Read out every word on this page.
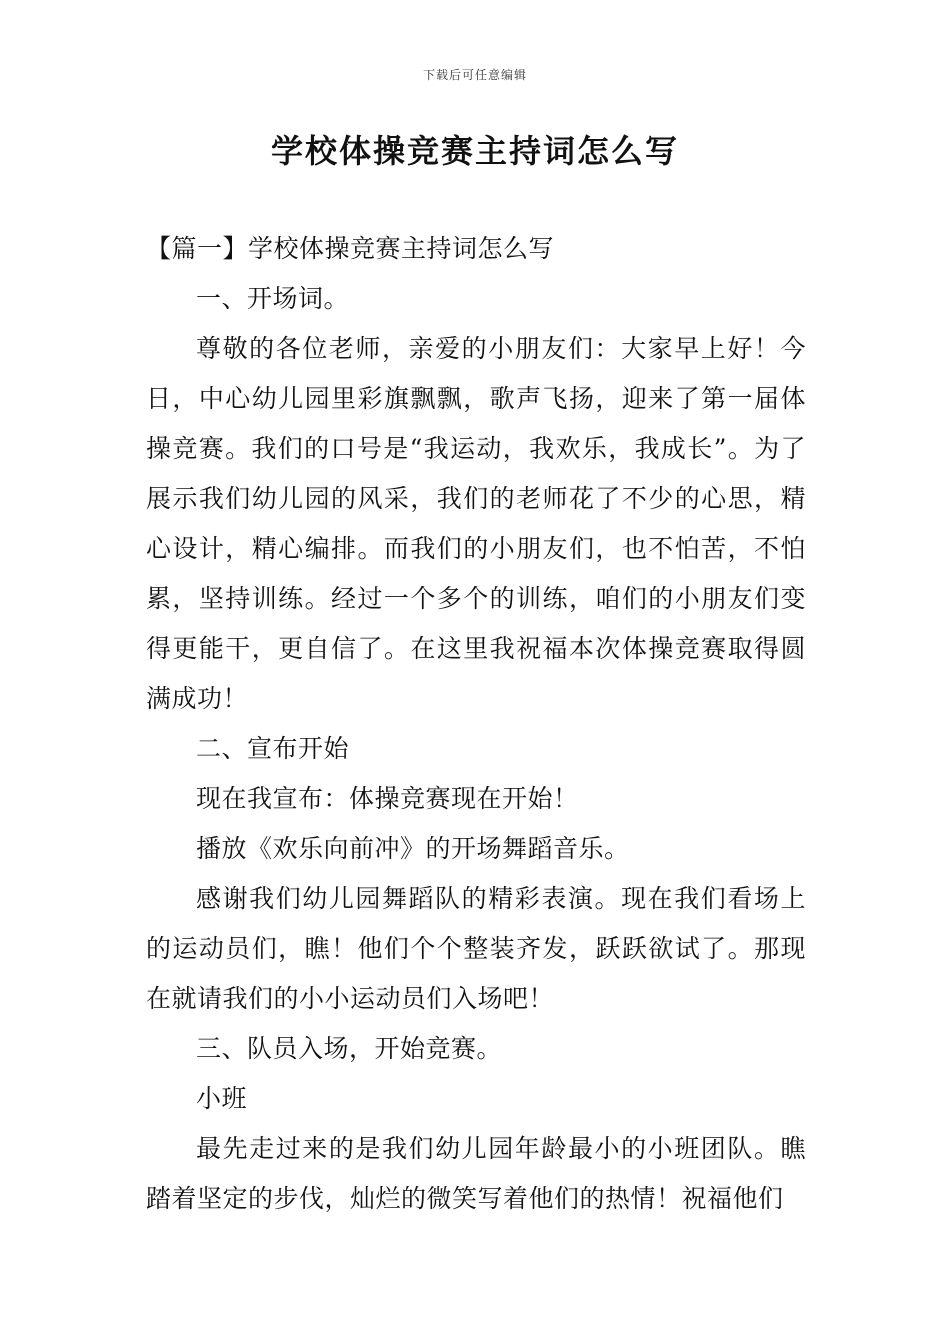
下载后可任意编辑
学校体操竞赛主持词怎么写

【篇一】学校体操竞赛主持词怎么写

一、开场词。

尊敬的各位老师，亲爱的小朋友们：大家早上好！今日，中心幼儿园里彩旗飘飘，歌声飞扬，迎来了第一届体操竞赛。我们的口号是“我运动，我欢乐，我成长”。为了展示我们幼儿园的风采，我们的老师花了不少的心思，精心设计，精心编排。而我们的小朋友们，也不怕苦，不怕累，坚持训练。经过一个多个的训练，咱们的小朋友们变得更能干，更自信了。在这里我祝福本次体操竞赛取得圆满成功！

二、宣布开始

现在我宣布：体操竞赛现在开始！

播放《欢乐向前冲》的开场舞蹈音乐。

感谢我们幼儿园舞蹈队的精彩表演。现在我们看场上的运动员们，瞧！他们个个整装齐发，跃跃欲试了。那现在就请我们的小小运动员们入场吧！

三、队员入场，开始竞赛。

小班

最先走过来的是我们幼儿园年龄最小的小班团队。瞧踏着坚定的步伐，灿烂的微笑写着他们的热情！祝福他们
